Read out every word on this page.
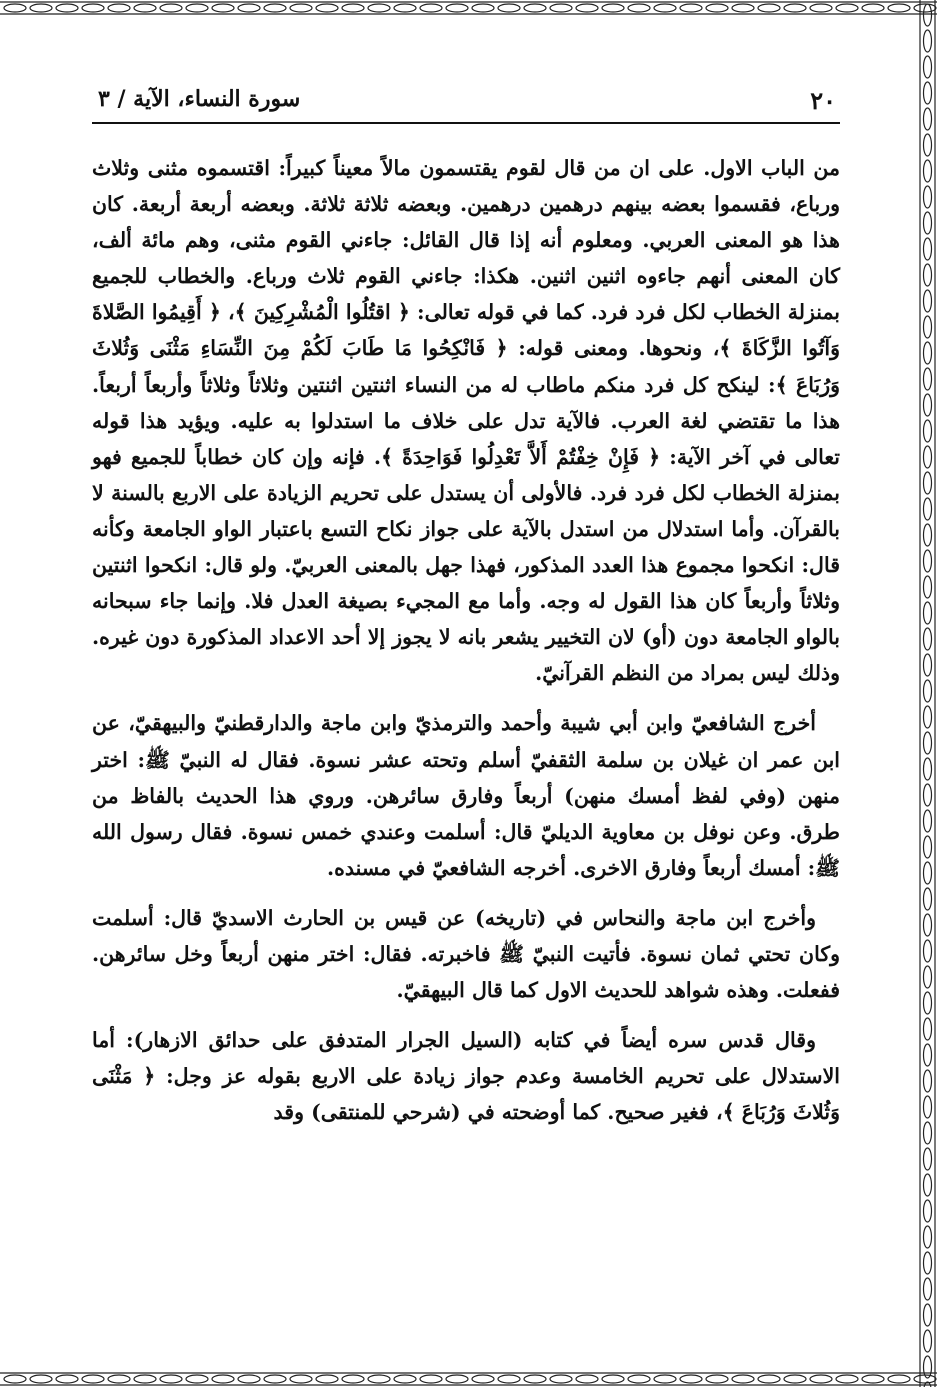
٢٠
سورة النساء، الآية / ٣

من الباب الاول. على ان من قال لقوم يقتسمون مالاً معيناً كبيراً: اقتسموه مثنى وثلاث ورباع، فقسموا بعضه بينهم درهمين درهمين. وبعضه ثلاثة ثلاثة. وبعضه أربعة أربعة. كان هذا هو المعنى العربي. ومعلوم أنه إذا قال القائل: جاءني القوم مثنى، وهم مائة ألف، كان المعنى أنهم جاءوه اثنين اثنين. هكذا: جاءني القوم ثلاث ورباع. والخطاب للجميع بمنزلة الخطاب لكل فرد فرد. كما في قوله تعالى: ﴿ اقتُلُوا الْمُشْرِكِينَ ﴾، ﴿ أَقِيمُوا الصَّلاةَ وَآتُوا الزَّكَاةَ ﴾، ونحوها. ومعنى قوله: ﴿ فَانْكِحُوا مَا طَابَ لَكُمْ مِنَ النِّسَاءِ مَثْنَى وَثُلاثَ وَرُبَاعَ ﴾: لينكح كل فرد منكم ماطاب له من النساء اثنتين اثنتين وثلاثاً وثلاثاً وأربعاً أربعاً. هذا ما تقتضي لغة العرب. فالآية تدل على خلاف ما استدلوا به عليه. ويؤيد هذا قوله تعالى في آخر الآية: ﴿ فَإِنْ خِفْتُمْ أَلاَّ تَعْدِلُوا فَوَاحِدَةً ﴾. فإنه وإن كان خطاباً للجميع فهو بمنزلة الخطاب لكل فرد فرد. فالأولى أن يستدل على تحريم الزيادة على الاربع بالسنة لا بالقرآن. وأما استدلال من استدل بالآية على جواز نكاح التسع باعتبار الواو الجامعة وكأنه قال: انكحوا مجموع هذا العدد المذكور، فهذا جهل بالمعنى العربيّ. ولو قال: انكحوا اثنتين وثلاثاً وأربعاً كان هذا القول له وجه. وأما مع المجيء بصيغة العدل فلا. وإنما جاء سبحانه بالواو الجامعة دون (أو) لان التخيير يشعر بانه لا يجوز إلا أحد الاعداد المذكورة دون غيره. وذلك ليس بمراد من النظم القرآنيّ.

أخرج الشافعيّ وابن أبي شيبة وأحمد والترمذيّ وابن ماجة والدارقطنيّ والبيهقيّ، عن ابن عمر ان غيلان بن سلمة الثقفيّ أسلم وتحته عشر نسوة. فقال له النبيّ ﷺ: اختر منهن (وفي لفظ أمسك منهن) أربعاً وفارق سائرهن. وروي هذا الحديث بالفاظ من طرق. وعن نوفل بن معاوية الديليّ قال: أسلمت وعندي خمس نسوة. فقال رسول الله ﷺ: أمسك أربعاً وفارق الاخرى. أخرجه الشافعيّ في مسنده.

وأخرج ابن ماجة والنحاس في (تاريخه) عن قيس بن الحارث الاسديّ قال: أسلمت وكان تحتي ثمان نسوة. فأتيت النبيّ ﷺ فاخبرته. فقال: اختر منهن أربعاً وخل سائرهن. ففعلت. وهذه شواهد للحديث الاول كما قال البيهقيّ.

وقال قدس سره أيضاً في كتابه (السيل الجرار المتدفق على حدائق الازهار): أما الاستدلال على تحريم الخامسة وعدم جواز زيادة على الاربع بقوله عز وجل: ﴿ مَثْنَى وَثُلاثَ وَرُبَاعَ ﴾، فغير صحيح. كما أوضحته في (شرحي للمنتقى) وقد
